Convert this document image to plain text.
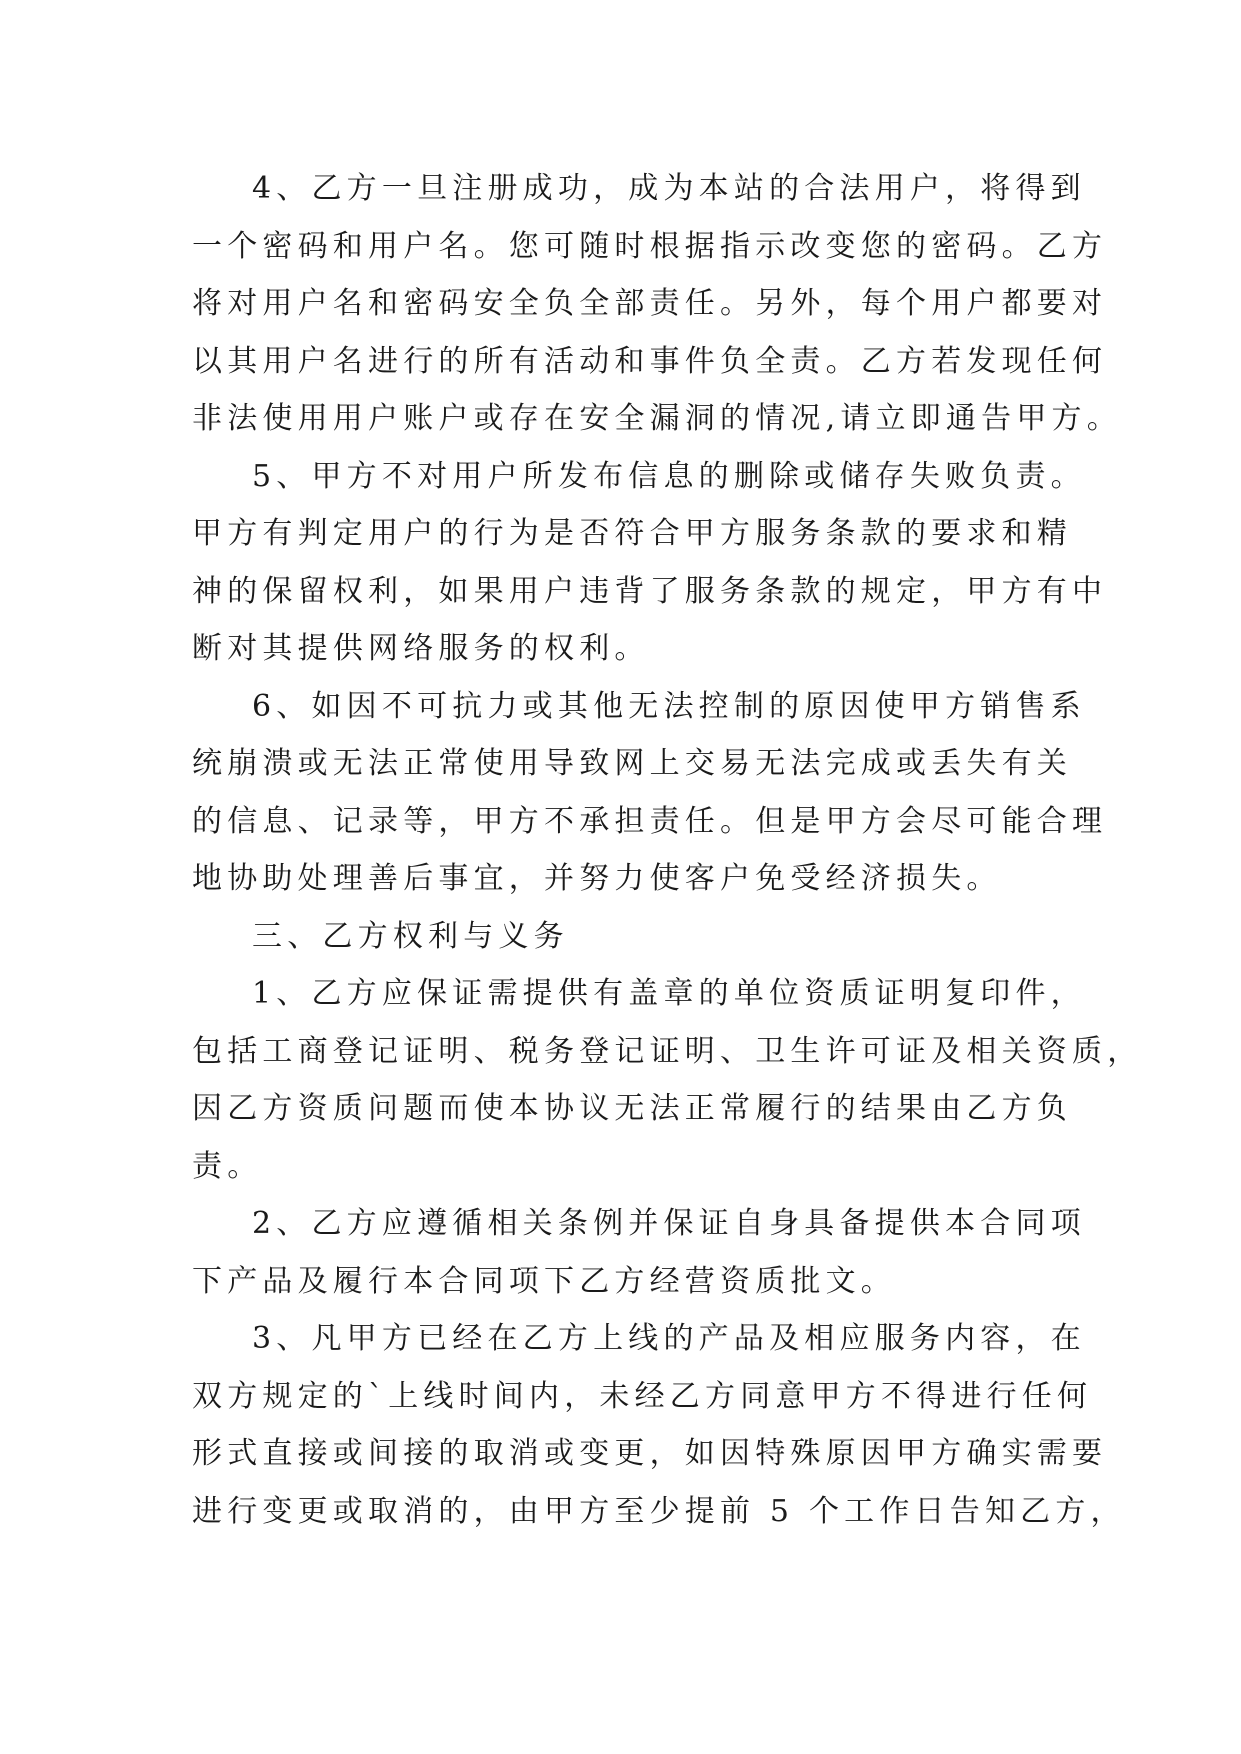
4、乙方一旦注册成功，成为本站的合法用户，将得到
一个密码和用户名。您可随时根据指示改变您的密码。乙方
将对用户名和密码安全负全部责任。另外，每个用户都要对
以其用户名进行的所有活动和事件负全责。乙方若发现任何
非法使用用户账户或存在安全漏洞的情况,请立即通告甲方。
5、甲方不对用户所发布信息的删除或储存失败负责。
甲方有判定用户的行为是否符合甲方服务条款的要求和精
神的保留权利，如果用户违背了服务条款的规定，甲方有中
断对其提供网络服务的权利。
6、如因不可抗力或其他无法控制的原因使甲方销售系
统崩溃或无法正常使用导致网上交易无法完成或丢失有关
的信息、记录等，甲方不承担责任。但是甲方会尽可能合理
地协助处理善后事宜，并努力使客户免受经济损失。
三、乙方权利与义务
1、乙方应保证需提供有盖章的单位资质证明复印件，
包括工商登记证明、税务登记证明、卫生许可证及相关资质，
因乙方资质问题而使本协议无法正常履行的结果由乙方负
责。
2、乙方应遵循相关条例并保证自身具备提供本合同项
下产品及履行本合同项下乙方经营资质批文。
3、凡甲方已经在乙方上线的产品及相应服务内容，在
双方规定的`上线时间内，未经乙方同意甲方不得进行任何
形式直接或间接的取消或变更，如因特殊原因甲方确实需要
进行变更或取消的，由甲方至少提前 5 个工作日告知乙方，
